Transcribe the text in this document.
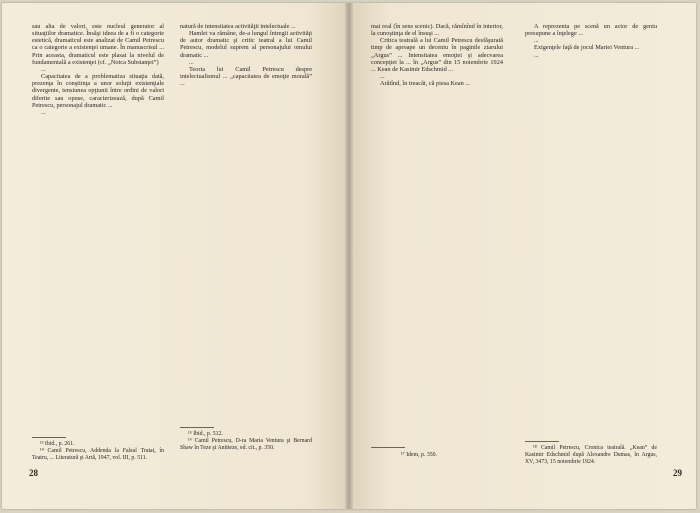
sau alta de valori, este nucleul generator al situaţiilor dramatice. Însăşi ideea de a fi o categorie estetică, dramaticul este analizat de Camil Petrescu ca o categorie a existenţei umane. În manuscrisul ... Prin aceasta, dramaticul este plasat la nivelul de fundamentală a existenţei (cf. „Noica Substanţei”)

...

Capacitatea de a problematiza situaţia dată, prezenţa în conştiinţa a unor soluţii existenţiale divergente, tensiunea opţiunii între ordini de valori diferite sau opuse, caracterizează, după Camil Petrescu, personajul dramatic ...

...

natură de intensitatea activităţii intelectuale ...

Hamlet va rămâne, de-a lungul întregii activităţi de autor dramatic şi critic teatral a lui Camil Petrescu, modelul suprem al personajului omului dramatic ...

...

Teoria lui Camil Petrescu despre intelectualismul ... „capacitatea de emoţie morală” ...

¹³ Ibid., p. 261.

¹⁴ Camil Petrescu, Addenda la Falsul Tratat, în Teatru, ... Literatură şi Artă, 1947, vol. III, p. 511.

¹⁵ Ibid., p. 512.

¹⁶ Camil Petrescu, D-ra Maria Ventura şi Bernard Shaw în Teze şi Antiteze, ed. cit., p. 350.

28

mai real (în sens scenic). Dacă, rămînînd în interior, la cunoştinţa de el însuşi ...

Critica teatrală a lui Camil Petrescu desfăşurată timp de aproape un deceniu în paginile ziarului „Argus” ... Intensitatea emoţiei şi adecvarea concepţiei la ... în „Argus” din 15 noiembrie 1924 ... Kean de Kasimir Edschmid ...

...

Arătînd, în treacăt, că piesa Kean ...

A reprezenta pe scenă un actor de geniu presupune a înţelege ...

...

Exigenţele faţă de jocul Mariei Ventura ...

...

¹⁷ Idem, p. 350.

¹⁸ Camil Petrescu, Cronica teatrală. „Kean” de Kasimir Edschmid după Alexandre Dumas, în Argus, XV, 3473, 15 noiembrie 1924.

29
